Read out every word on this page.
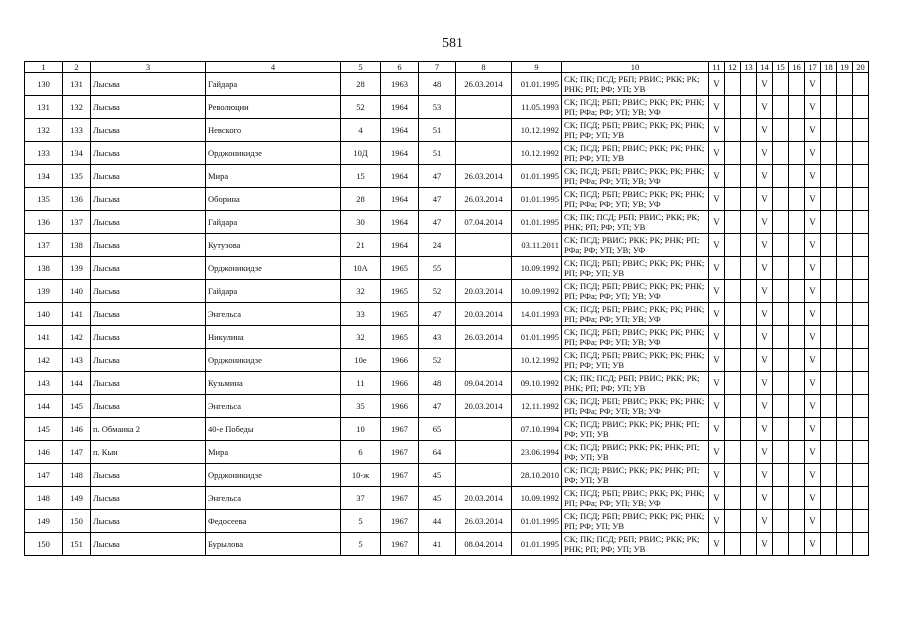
581
1	2	3	4	5	6	7	8	9	10	11	12	13	14	15	16	17	18	19	20
130	131	Лысьва	Гайдара	28	1963	48	26.03.2014	01.01.1995	СК; ПК; ПСД; РБП; РВИС; РКК; РК; РНК; РП; РФ; УП; УВ	V			V			V			
131	132	Лысьва	Революции	52	1964	53		11.05.1993	СК; ПСД; РБП; РВИС; РКК; РК; РНК; РП; РФа; РФ; УП; УВ; УФ	V			V			V			
132	133	Лысьва	Невского	4	1964	51		10.12.1992	СК; ПСД; РБП; РВИС; РКК; РК; РНК; РП; РФ; УП; УВ	V			V			V			
133	134	Лысьва	Орджоникидзе	10Д	1964	51		10.12.1992	СК; ПСД; РБП; РВИС; РКК; РК; РНК; РП; РФ; УП; УВ	V			V			V			
134	135	Лысьва	Мира	15	1964	47	26.03.2014	01.01.1995	СК; ПСД; РБП; РВИС; РКК; РК; РНК; РП; РФа; РФ; УП; УВ; УФ	V			V			V			
135	136	Лысьва	Оборина	28	1964	47	26.03.2014	01.01.1995	СК; ПСД; РБП; РВИС; РКК; РК; РНК; РП; РФа; РФ; УП; УВ; УФ	V			V			V			
136	137	Лысьва	Гайдара	30	1964	47	07.04.2014	01.01.1995	СК; ПК; ПСД; РБП; РВИС; РКК; РК; РНК; РП; РФ; УП; УВ	V			V			V			
137	138	Лысьва	Кутузова	21	1964	24		03.11.2011	СК; ПСД; РВИС; РКК; РК; РНК; РП; РФа; РФ; УП; УВ; УФ	V			V			V			
138	139	Лысьва	Орджоникидзе	10А	1965	55		10.09.1992	СК; ПСД; РБП; РВИС; РКК; РК; РНК; РП; РФ; УП; УВ	V			V			V			
139	140	Лысьва	Гайдара	32	1965	52	20.03.2014	10.09.1992	СК; ПСД; РБП; РВИС; РКК; РК; РНК; РП; РФа; РФ; УП; УВ; УФ	V			V			V			
140	141	Лысьва	Энгельса	33	1965	47	20.03.2014	14.01.1993	СК; ПСД; РБП; РВИС; РКК; РК; РНК; РП; РФа; РФ; УП; УВ; УФ	V			V			V			
141	142	Лысьва	Никулина	32	1965	43	26.03.2014	01.01.1995	СК; ПСД; РБП; РВИС; РКК; РК; РНК; РП; РФа; РФ; УП; УВ; УФ	V			V			V			
142	143	Лысьва	Орджоникидзе	10е	1966	52		10.12.1992	СК; ПСД; РБП; РВИС; РКК; РК; РНК; РП; РФ; УП; УВ	V			V			V			
143	144	Лысьва	Кузьмина	11	1966	48	09.04.2014	09.10.1992	СК; ПК; ПСД; РБП; РВИС; РКК; РК; РНК; РП; РФ; УП; УВ	V			V			V			
144	145	Лысьва	Энгельса	35	1966	47	20.03.2014	12.11.1992	СК; ПСД; РБП; РВИС; РКК; РК; РНК; РП; РФа; РФ; УП; УВ; УФ	V			V			V			
145	146	п. Обманка 2	40-е Победы	10	1967	65		07.10.1994	СК; ПСД; РВИС; РКК; РК; РНК; РП; РФ; УП; УВ	V			V			V			
146	147	п. Кын	Мира	6	1967	64		23.06.1994	СК; ПСД; РВИС; РКК; РК; РНК; РП; РФ; УП; УВ	V			V			V			
147	148	Лысьва	Орджоникидзе	10-ж	1967	45		28.10.2010	СК; ПСД; РВИС; РКК; РК; РНК; РП; РФ; УП; УВ	V			V			V			
148	149	Лысьва	Энгельса	37	1967	45	20.03.2014	10.09.1992	СК; ПСД; РБП; РВИС; РКК; РК; РНК; РП; РФа; РФ; УП; УВ; УФ	V			V			V			
149	150	Лысьва	Федосеева	5	1967	44	26.03.2014	01.01.1995	СК; ПСД; РБП; РВИС; РКК; РК; РНК; РП; РФ; УП; УВ	V			V			V			
150	151	Лысьва	Бурылова	5	1967	41	08.04.2014	01.01.1995	СК; ПК; ПСД; РБП; РВИС; РКК; РК; РНК; РП; РФ; УП; УВ	V			V			V			
